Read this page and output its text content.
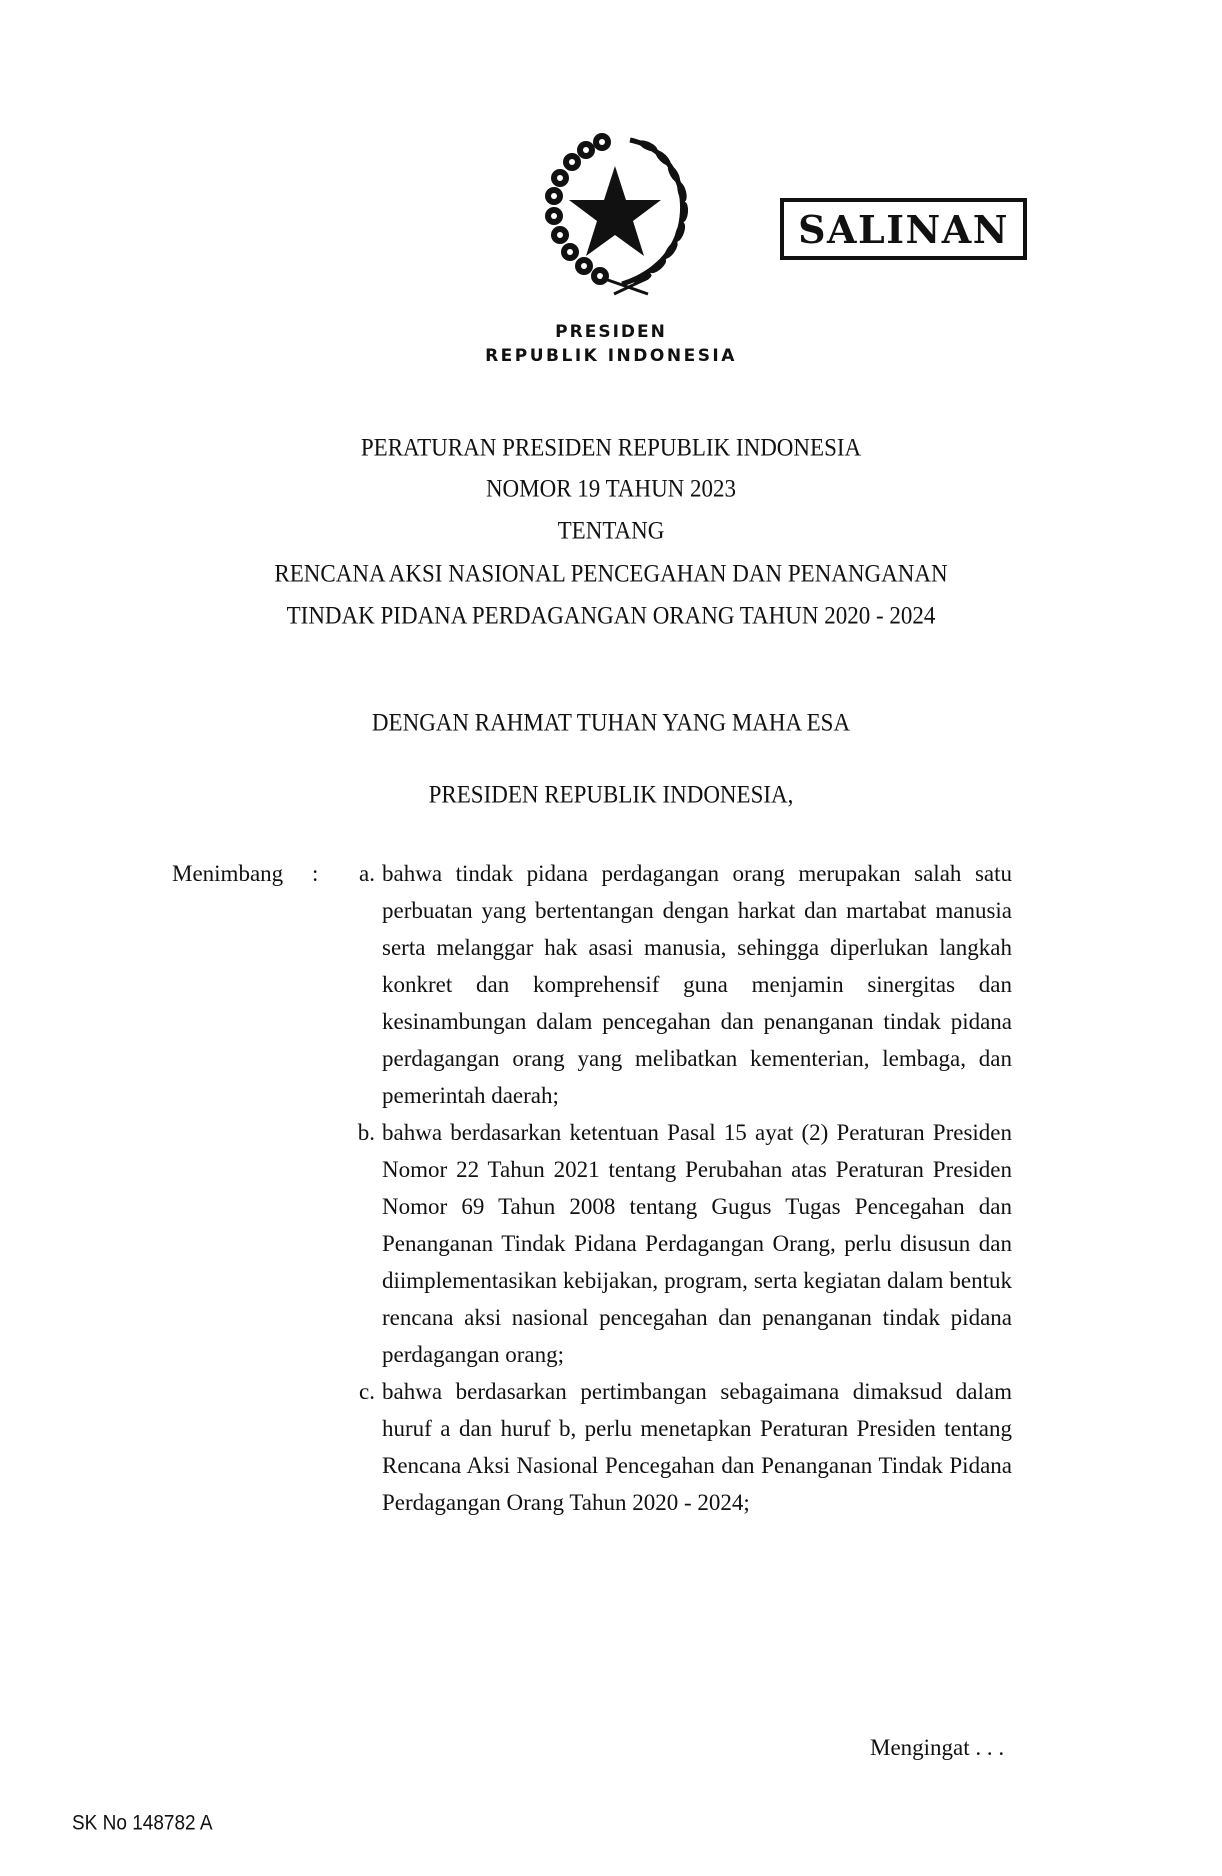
SALINAN
PRESIDEN
REPUBLIK INDONESIA
PERATURAN PRESIDEN REPUBLIK INDONESIA
NOMOR 19 TAHUN 2023
TENTANG
RENCANA AKSI NASIONAL PENCEGAHAN DAN PENANGANAN
TINDAK PIDANA PERDAGANGAN ORANG TAHUN 2020 - 2024
DENGAN RAHMAT TUHAN YANG MAHA ESA
PRESIDEN REPUBLIK INDONESIA,
Menimbang	:	a. bahwa tindak pidana perdagangan orang merupakan salah satu perbuatan yang bertentangan dengan harkat dan martabat manusia serta melanggar hak asasi manusia, sehingga diperlukan langkah konkret dan komprehensif guna menjamin sinergitas dan kesinambungan dalam pencegahan dan penanganan tindak pidana perdagangan orang yang melibatkan kementerian, lembaga, dan pemerintah daerah;
b. bahwa berdasarkan ketentuan Pasal 15 ayat (2) Peraturan Presiden Nomor 22 Tahun 2021 tentang Perubahan atas Peraturan Presiden Nomor 69 Tahun 2008 tentang Gugus Tugas Pencegahan dan Penanganan Tindak Pidana Perdagangan Orang, perlu disusun dan diimplementasikan kebijakan, program, serta kegiatan dalam bentuk rencana aksi nasional pencegahan dan penanganan tindak pidana perdagangan orang;
c. bahwa berdasarkan pertimbangan sebagaimana dimaksud dalam huruf a dan huruf b, perlu menetapkan Peraturan Presiden tentang Rencana Aksi Nasional Pencegahan dan Penanganan Tindak Pidana Perdagangan Orang Tahun 2020 - 2024;
Mengingat . . .
SK No 148782 A
